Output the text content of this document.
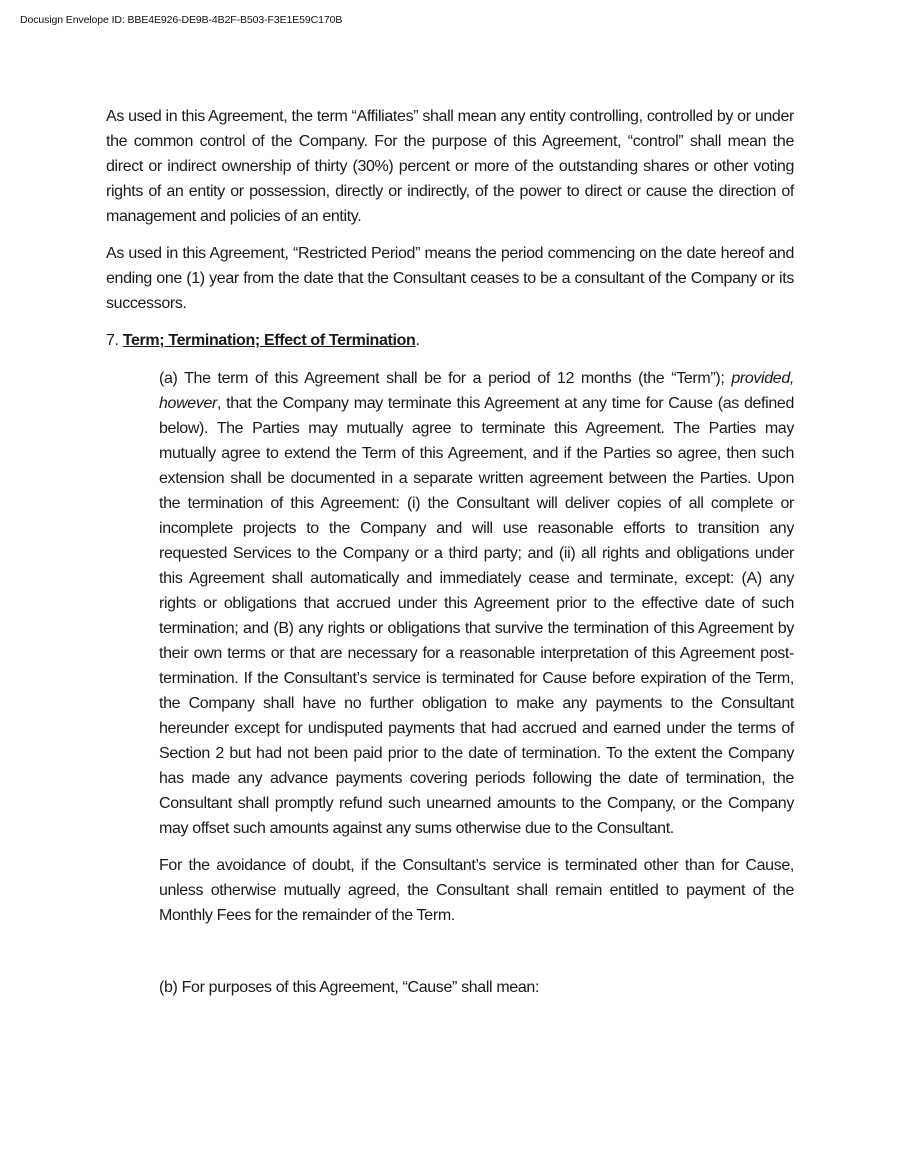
Docusign Envelope ID: BBE4E926-DE9B-4B2F-B503-F3E1E59C170B

As used in this Agreement, the term “Affiliates” shall mean any entity controlling, controlled by or under the common control of the Company. For the purpose of this Agreement, “control” shall mean the direct or indirect ownership of thirty (30%) percent or more of the outstanding shares or other voting rights of an entity or possession, directly or indirectly, of the power to direct or cause the direction of management and policies of an entity.

As used in this Agreement, “Restricted Period” means the period commencing on the date hereof and ending one (1) year from the date that the Consultant ceases to be a consultant of the Company or its successors.

7. Term; Termination; Effect of Termination.

(a) The term of this Agreement shall be for a period of 12 months (the “Term”); provided, however, that the Company may terminate this Agreement at any time for Cause (as defined below). The Parties may mutually agree to terminate this Agreement. The Parties may mutually agree to extend the Term of this Agreement, and if the Parties so agree, then such extension shall be documented in a separate written agreement between the Parties. Upon the termination of this Agreement: (i) the Consultant will deliver copies of all complete or incomplete projects to the Company and will use reasonable efforts to transition any requested Services to the Company or a third party; and (ii) all rights and obligations under this Agreement shall automatically and immediately cease and terminate, except: (A) any rights or obligations that accrued under this Agreement prior to the effective date of such termination; and (B) any rights or obligations that survive the termination of this Agreement by their own terms or that are necessary for a reasonable interpretation of this Agreement post-termination. If the Consultant’s service is terminated for Cause before expiration of the Term, the Company shall have no further obligation to make any payments to the Consultant hereunder except for undisputed payments that had accrued and earned under the terms of Section 2 but had not been paid prior to the date of termination. To the extent the Company has made any advance payments covering periods following the date of termination, the Consultant shall promptly refund such unearned amounts to the Company, or the Company may offset such amounts against any sums otherwise due to the Consultant.

For the avoidance of doubt, if the Consultant’s service is terminated other than for Cause, unless otherwise mutually agreed, the Consultant shall remain entitled to payment of the Monthly Fees for the remainder of the Term.

(b) For purposes of this Agreement, “Cause” shall mean:
